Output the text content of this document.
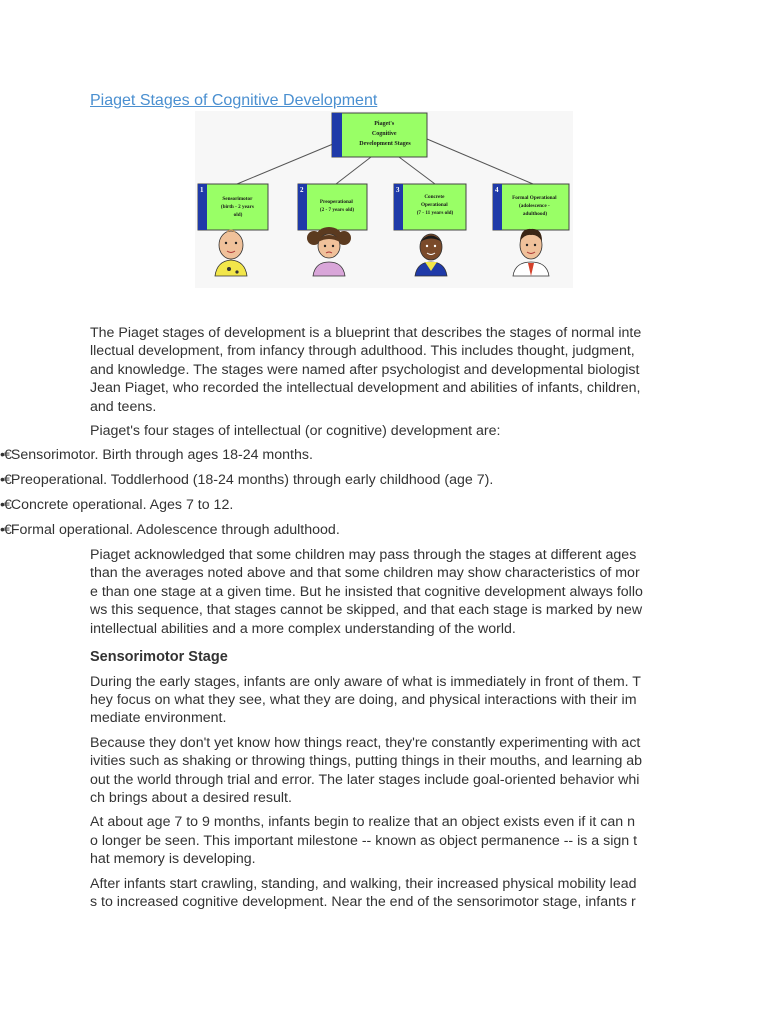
Piaget Stages of Cognitive Development
Piaget's Cognitive Development Stages
1
Sensorimotor (birth - 2 years old)
2
Preoperational (2 - 7 years old)
3
Concrete Operational (7 - 11 years old)
4
Formal Operational (adolescence - adulthood)

The Piaget stages of development is a blueprint that describes the stages of normal inte
llectual development, from infancy through adulthood. This includes thought, judgment,
and knowledge. The stages were named after psychologist and developmental biologist
Jean Piaget, who recorded the intellectual development and abilities of infants, children,
and teens.

Piaget's four stages of intellectual (or cognitive) development are:

•€Sensorimotor. Birth through ages 18-24 months.
•€Preoperational. Toddlerhood (18-24 months) through early childhood (age 7).
•€Concrete operational. Ages 7 to 12.
•€Formal operational. Adolescence through adulthood.

Piaget acknowledged that some children may pass through the stages at different ages
than the averages noted above and that some children may show characteristics of mor
e than one stage at a given time. But he insisted that cognitive development always follo
ws this sequence, that stages cannot be skipped, and that each stage is marked by new
intellectual abilities and a more complex understanding of the world.

Sensorimotor Stage

During the early stages, infants are only aware of what is immediately in front of them. T
hey focus on what they see, what they are doing, and physical interactions with their im
mediate environment.

Because they don't yet know how things react, they're constantly experimenting with act
ivities such as shaking or throwing things, putting things in their mouths, and learning ab
out the world through trial and error. The later stages include goal-oriented behavior whi
ch brings about a desired result.

At about age 7 to 9 months, infants begin to realize that an object exists even if it can n
o longer be seen. This important milestone -- known as object permanence -- is a sign t
hat memory is developing.

After infants start crawling, standing, and walking, their increased physical mobility lead
s to increased cognitive development. Near the end of the sensorimotor stage, infants r
